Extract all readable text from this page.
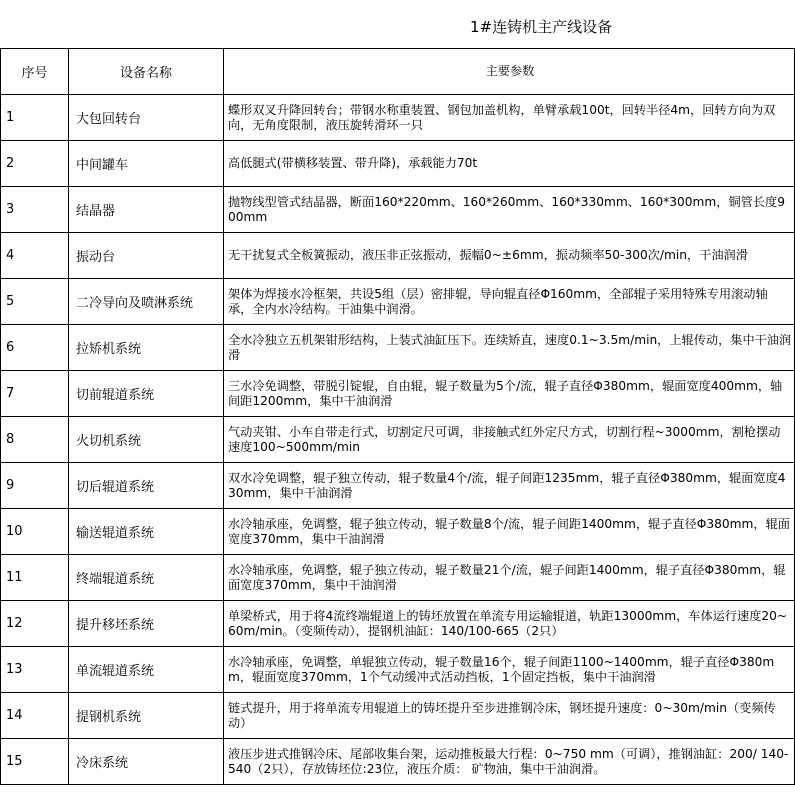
1#连铸机主产线设备
序号	设备名称	主要参数
1	大包回转台	蝶形双叉升降回转台；带钢水称重装置、钢包加盖机构，单臂承载100t，回转半径4m，回转方向为双向，无角度限制，液压旋转滑环一只

2	中间罐车	高低腿式(带横移装置、带升降)，承载能力70t

3	结晶器	抛物线型管式结晶器，断面160*220mm、160*260mm、160*330mm、160*300mm，铜管长度900mm

4	振动台	无干扰复式全板簧振动，液压非正弦振动，振幅0~±6mm，振动频率50-300次/min，干油润滑

5	二冷导向及喷淋系统	架体为焊接水冷框架，共设5组（层）密排辊，导向辊直径Φ160mm，全部辊子采用特殊专用滚动轴承，全内水冷结构。干油集中润滑。

6	拉矫机系统	全水冷独立五机架钳形结构，上装式油缸压下。连续矫直，速度0.1~3.5m/min，上辊传动，集中干油润滑

7	切前辊道系统	三水冷免调整，带脱引锭辊，自由辊，辊子数量为5个/流，辊子直径Φ380mm，辊面宽度400mm，轴间距1200mm，集中干油润滑

8	火切机系统	气动夹钳、小车自带走行式，切割定尺可调，非接触式红外定尺方式，切割行程~3000mm，割枪摆动速度100~500mm/min

9	切后辊道系统	双水冷免调整，辊子独立传动，辊子数量4个/流，辊子间距1235mm，辊子直径Φ380mm，辊面宽度430mm，集中干油润滑

10	输送辊道系统	水冷轴承座，免调整，辊子独立传动，辊子数量8个/流，辊子间距1400mm，辊子直径Φ380mm，辊面宽度370mm，集中干油润滑

11	终端辊道系统	水冷轴承座，免调整，辊子独立传动，辊子数量21个/流，辊子间距1400mm，辊子直径Φ380mm，辊面宽度370mm，集中干油润滑

12	提升移坯系统	单梁桥式，用于将4流终端辊道上的铸坯放置在单流专用运输辊道，轨距13000mm，车体运行速度20~60m/min。（变频传动），提钢机油缸：140/100-665（2只）

13	单流辊道系统	水冷轴承座，免调整，单辊独立传动，辊子数量16个，辊子间距1100~1400mm，辊子直径Φ380mm，辊面宽度370mm，1个气动缓冲式活动挡板，1个固定挡板，集中干油润滑

14	提钢机系统	链式提升，用于将单流专用辊道上的铸坯提升至步进推钢冷床，钢坯提升速度：0~30m/min（变频传动）

15	冷床系统	液压步进式推钢冷床、尾部收集台架，运动推板最大行程：0~750 mm（可调），推钢油缸：200/ 140-540（2只），存放铸坯位:23位，液压介质： 矿物油，集中干油润滑。
